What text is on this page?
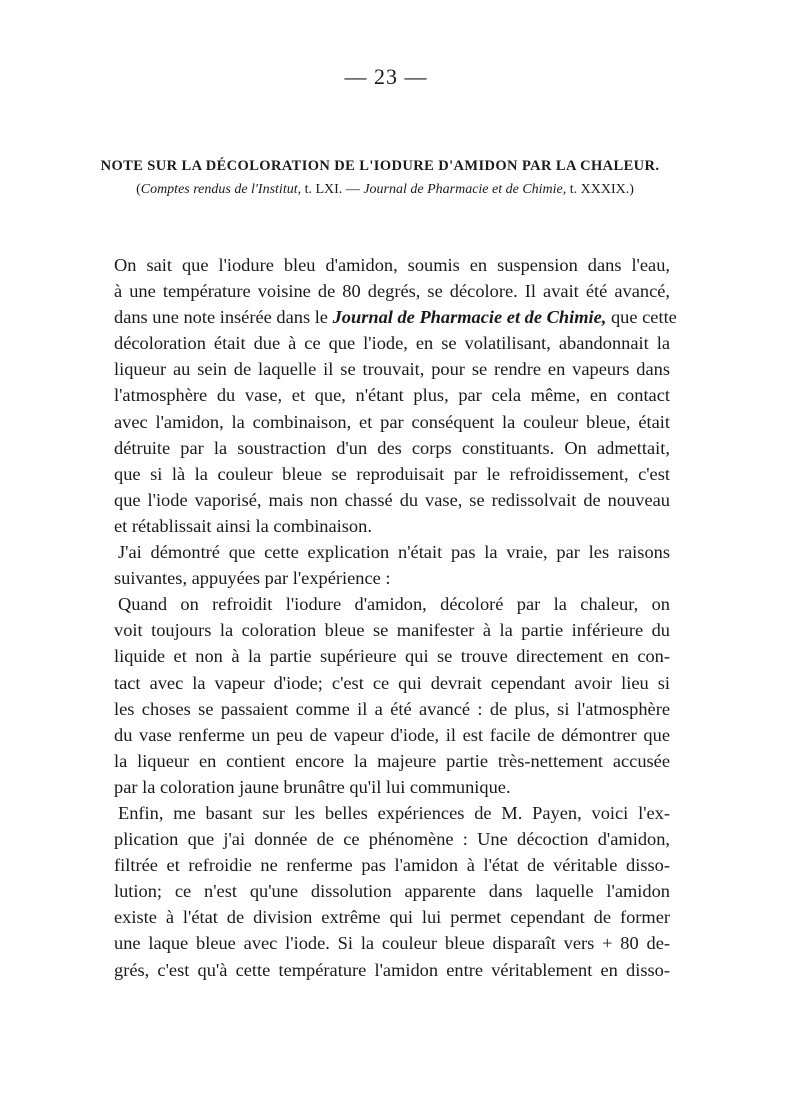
— 23 —
NOTE SUR LA DÉCOLORATION DE L'IODURE D'AMIDON PAR LA CHALEUR.
(Comptes rendus de l'Institut, t. LXI. — Journal de Pharmacie et de Chimie, t. XXXIX.)
On sait que l'iodure bleu d'amidon, soumis en suspension dans l'eau,
à une température voisine de 80 degrés, se décolore. Il avait été avancé,
dans une note insérée dans le Journal de Pharmacie et de Chimie, que cette
décoloration était due à ce que l'iode, en se volatilisant, abandonnait la
liqueur au sein de laquelle il se trouvait, pour se rendre en vapeurs dans
l'atmosphère du vase, et que, n'étant plus, par cela même, en contact
avec l'amidon, la combinaison, et par conséquent la couleur bleue, était
détruite par la soustraction d'un des corps constituants. On admettait,
que si là la couleur bleue se reproduisait par le refroidissement, c'est
que l'iode vaporisé, mais non chassé du vase, se redissolvait de nouveau
et rétablissait ainsi la combinaison.
J'ai démontré que cette explication n'était pas la vraie, par les raisons
suivantes, appuyées par l'expérience :
Quand on refroidit l'iodure d'amidon, décoloré par la chaleur, on
voit toujours la coloration bleue se manifester à la partie inférieure du
liquide et non à la partie supérieure qui se trouve directement en con-
tact avec la vapeur d'iode; c'est ce qui devrait cependant avoir lieu si
les choses se passaient comme il a été avancé : de plus, si l'atmosphère
du vase renferme un peu de vapeur d'iode, il est facile de démontrer que
la liqueur en contient encore la majeure partie très-nettement accusée
par la coloration jaune brunâtre qu'il lui communique.
Enfin, me basant sur les belles expériences de M. Payen, voici l'ex-
plication que j'ai donnée de ce phénomène : Une décoction d'amidon,
filtrée et refroidie ne renferme pas l'amidon à l'état de véritable disso-
lution; ce n'est qu'une dissolution apparente dans laquelle l'amidon
existe à l'état de division extrême qui lui permet cependant de former
une laque bleue avec l'iode. Si la couleur bleue disparaît vers + 80 de-
grés, c'est qu'à cette température l'amidon entre véritablement en disso-
